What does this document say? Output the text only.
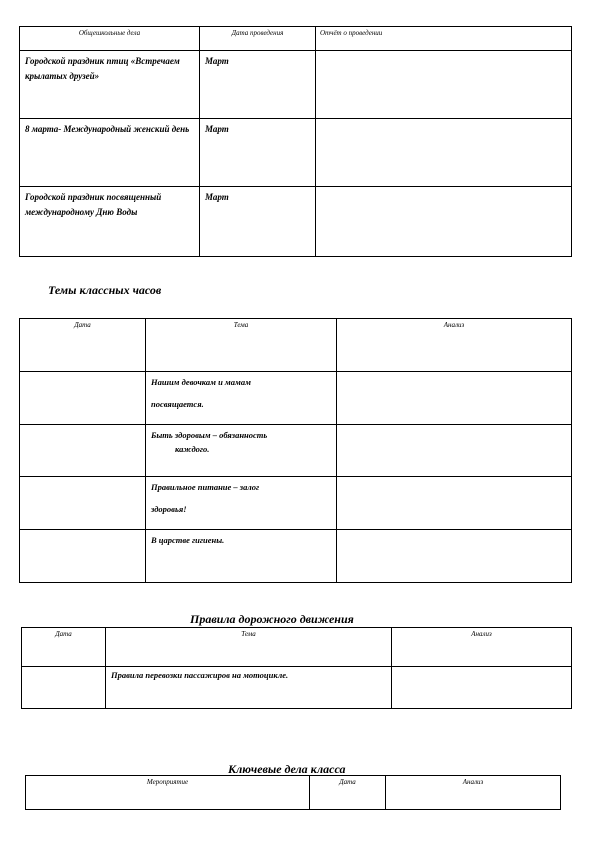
Общешкольные дела	Дата проведения	Отчёт о проведении
Городской праздник птиц «Встречаем крылатых друзей»	Март	
8 марта- Международный женский день	Март	
Городской праздник посвященный международному Дню Воды	Март	
Темы классных часов
Дата	Тема	Анализ

	Нашим девочкам и мамам
посвящается.	

	Быть здоровым – обязанность
каждого.	

	Правильное питание – залог
здоровья!	

	В царстве гигиены.	

Правила дорожного движения
Дата	Тема	Анализ
	Правила перевозки пассажиров на мотоцикле.	
Ключевые дела класса
Мероприятие	Дата	Анализ
